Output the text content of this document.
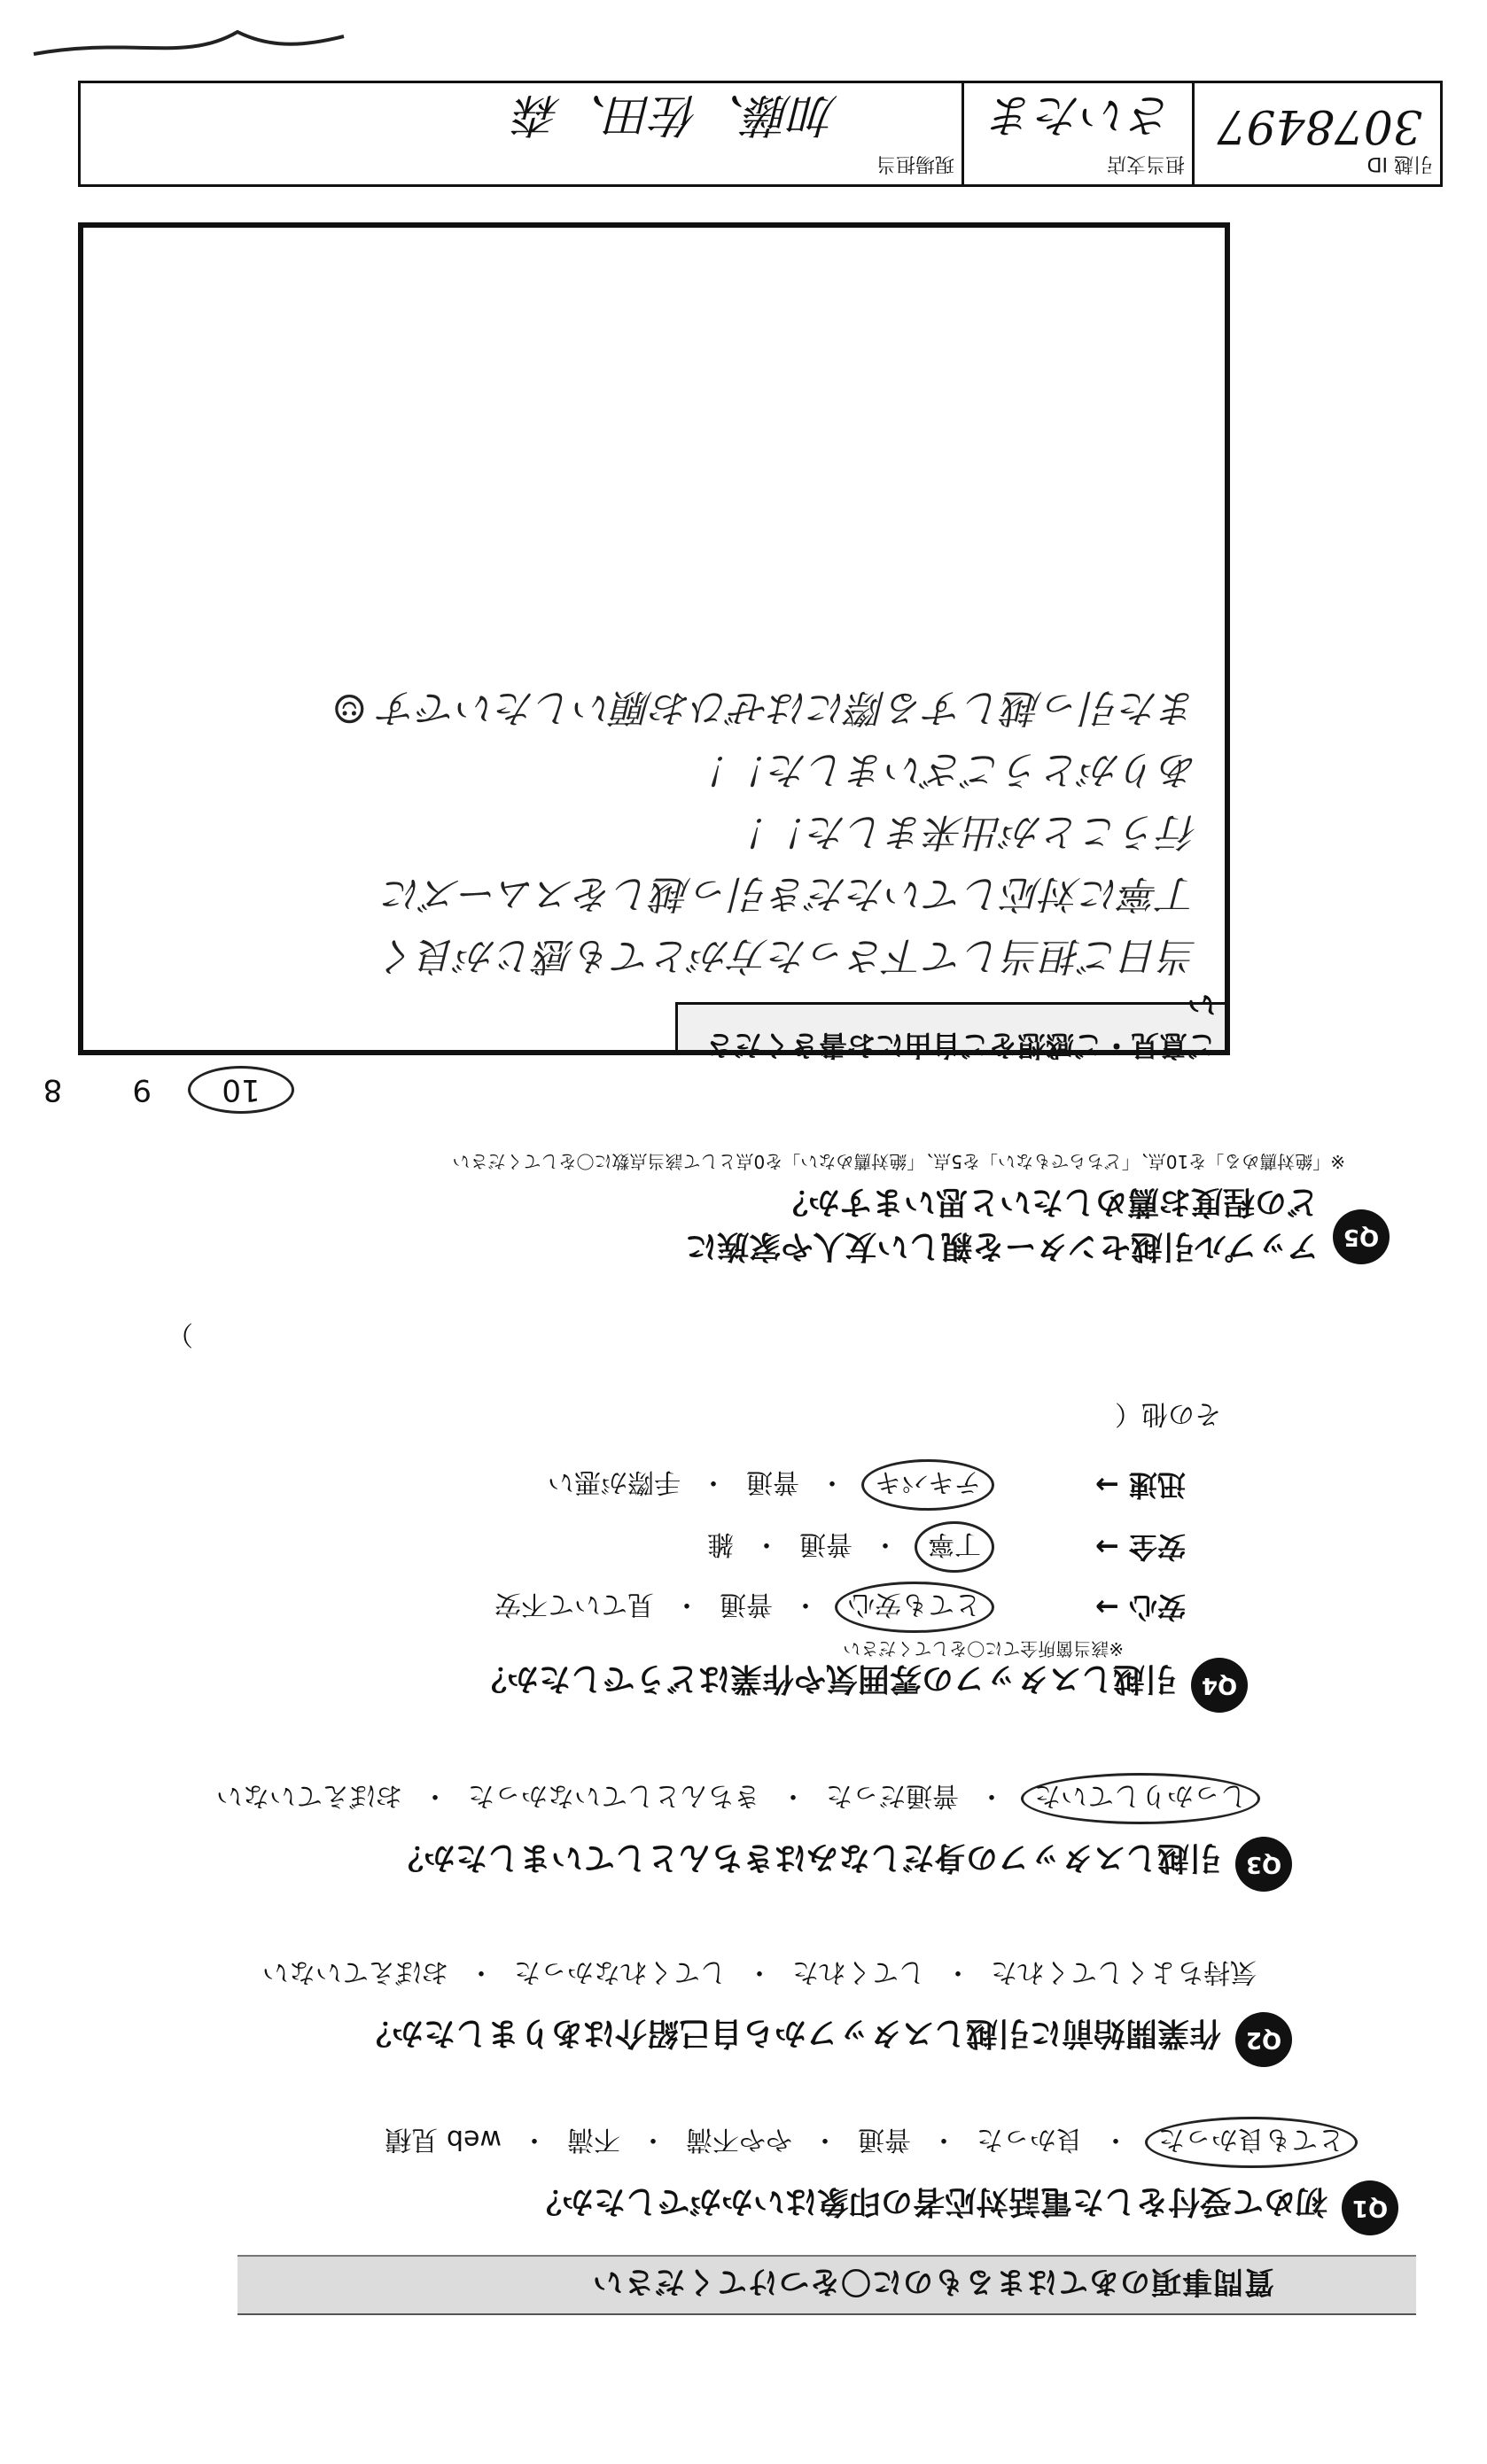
質問事項のあてはまるものに〇をつけてください
Q1
初めて受付をした電話対応者の印象はいかがでしたか？
とても良かった・良かった・普通・やや不満・不満・web 見積
Q2
作業開始前に引越しスタッフから自己紹介はありましたか？
気持ちよくしてくれた・してくれた・してくれなかった・おぼえていない
Q3
引越しスタッフの身だしなみはきちんとしていましたか？
しっかりしていた・普通だった・きちんとしていなかった・おぼえていない
Q4
引越しスタッフの雰囲気や作業はどうでしたか？
※該当箇所全てに〇をしてください
安心 →
とても安心・普通・見ていて不安
安全 →
丁寧・普通・雑
迅速 →
テキパキ・普通・手際が悪い
その他（
）
Q5
アップル引越センターを親しい友人や家族に
どの程度お薦めしたいと思いますか？
※「絶対薦める」を10点、「どちらでもない」を5点、「絶対薦めない」を0点として該当点数に〇をしてください
10 9 8
ご意見・ご感想をご自由にお書きください
当日ご担当して下さった方がとても感じが良く
丁寧に対応していただき引っ越しをスムーズに
行うことが出来ました！！
ありがとうございました！！
また引っ越しする際にはぜひお願いしたいです ☺
引越 ID
3078497
担当支店
さいたま
現場担当
加藤、佐田、森
